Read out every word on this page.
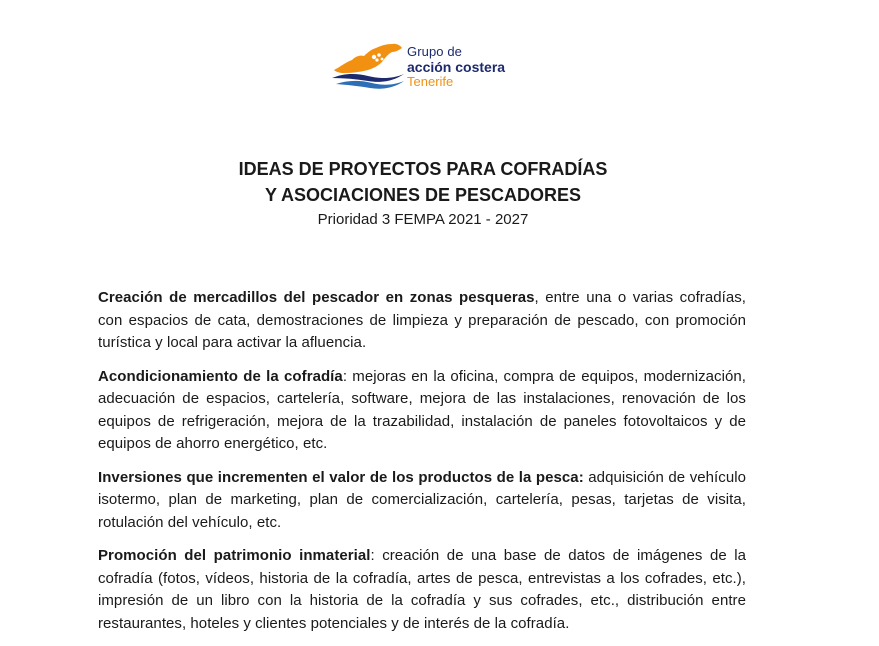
Grupo de
acción costera
Tenerife
IDEAS DE PROYECTOS PARA COFRADÍAS
Y ASOCIACIONES DE PESCADORES
Prioridad 3 FEMPA 2021 - 2027

Creación de mercadillos del pescador en zonas pesqueras, entre una o varias cofradías, con espacios de cata, demostraciones de limpieza y preparación de pescado, con promoción turística y local para activar la afluencia.

Acondicionamiento de la cofradía: mejoras en la oficina, compra de equipos, modernización, adecuación de espacios, cartelería, software, mejora de las instalaciones, renovación de los equipos de refrigeración, mejora de la trazabilidad, instalación de paneles fotovoltaicos y de equipos de ahorro energético, etc.

Inversiones que incrementen el valor de los productos de la pesca: adquisición de vehículo isotermo, plan de marketing, plan de comercialización, cartelería, pesas, tarjetas de visita, rotulación del vehículo, etc.

Promoción del patrimonio inmaterial: creación de una base de datos de imágenes de la cofradía (fotos, vídeos, historia de la cofradía, artes de pesca, entrevistas a los cofrades, etc.), impresión de un libro con la historia de la cofradía y sus cofrades, etc., distribución entre restaurantes, hoteles y clientes potenciales y de interés de la cofradía.
